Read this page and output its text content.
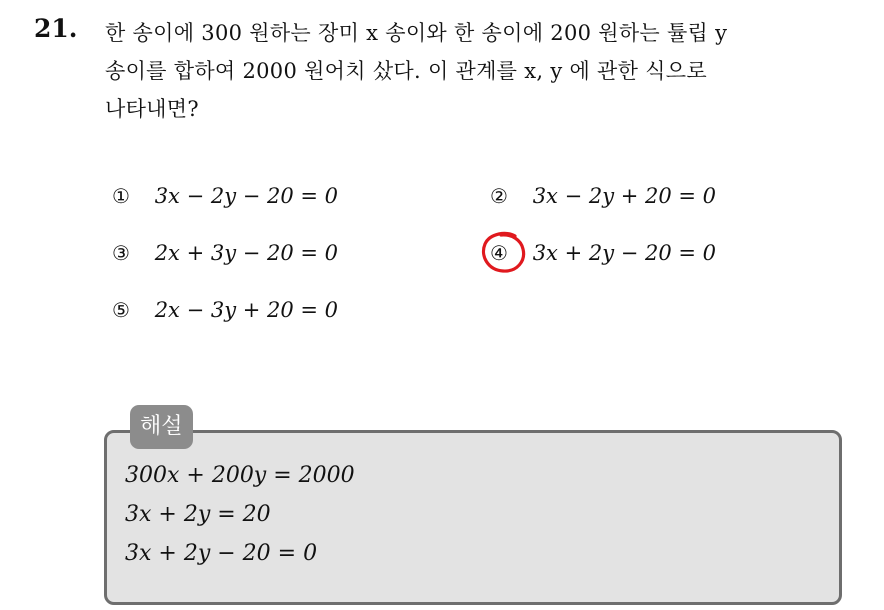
21. 한 송이에 300 원하는 장미 x 송이와 한 송이에 200 원하는 튤립 y
송이를 합하여 2000 원어치 샀다. 이 관계를 x, y 에 관한 식으로
나타내면?
① 3x − 2y − 20 = 0	② 3x − 2y + 20 = 0
③ 2x + 3y − 20 = 0	④ 3x + 2y − 20 = 0
⑤ 2x − 3y + 20 = 0
해설
300x + 200y = 2000
3x + 2y = 20
3x + 2y − 20 = 0
